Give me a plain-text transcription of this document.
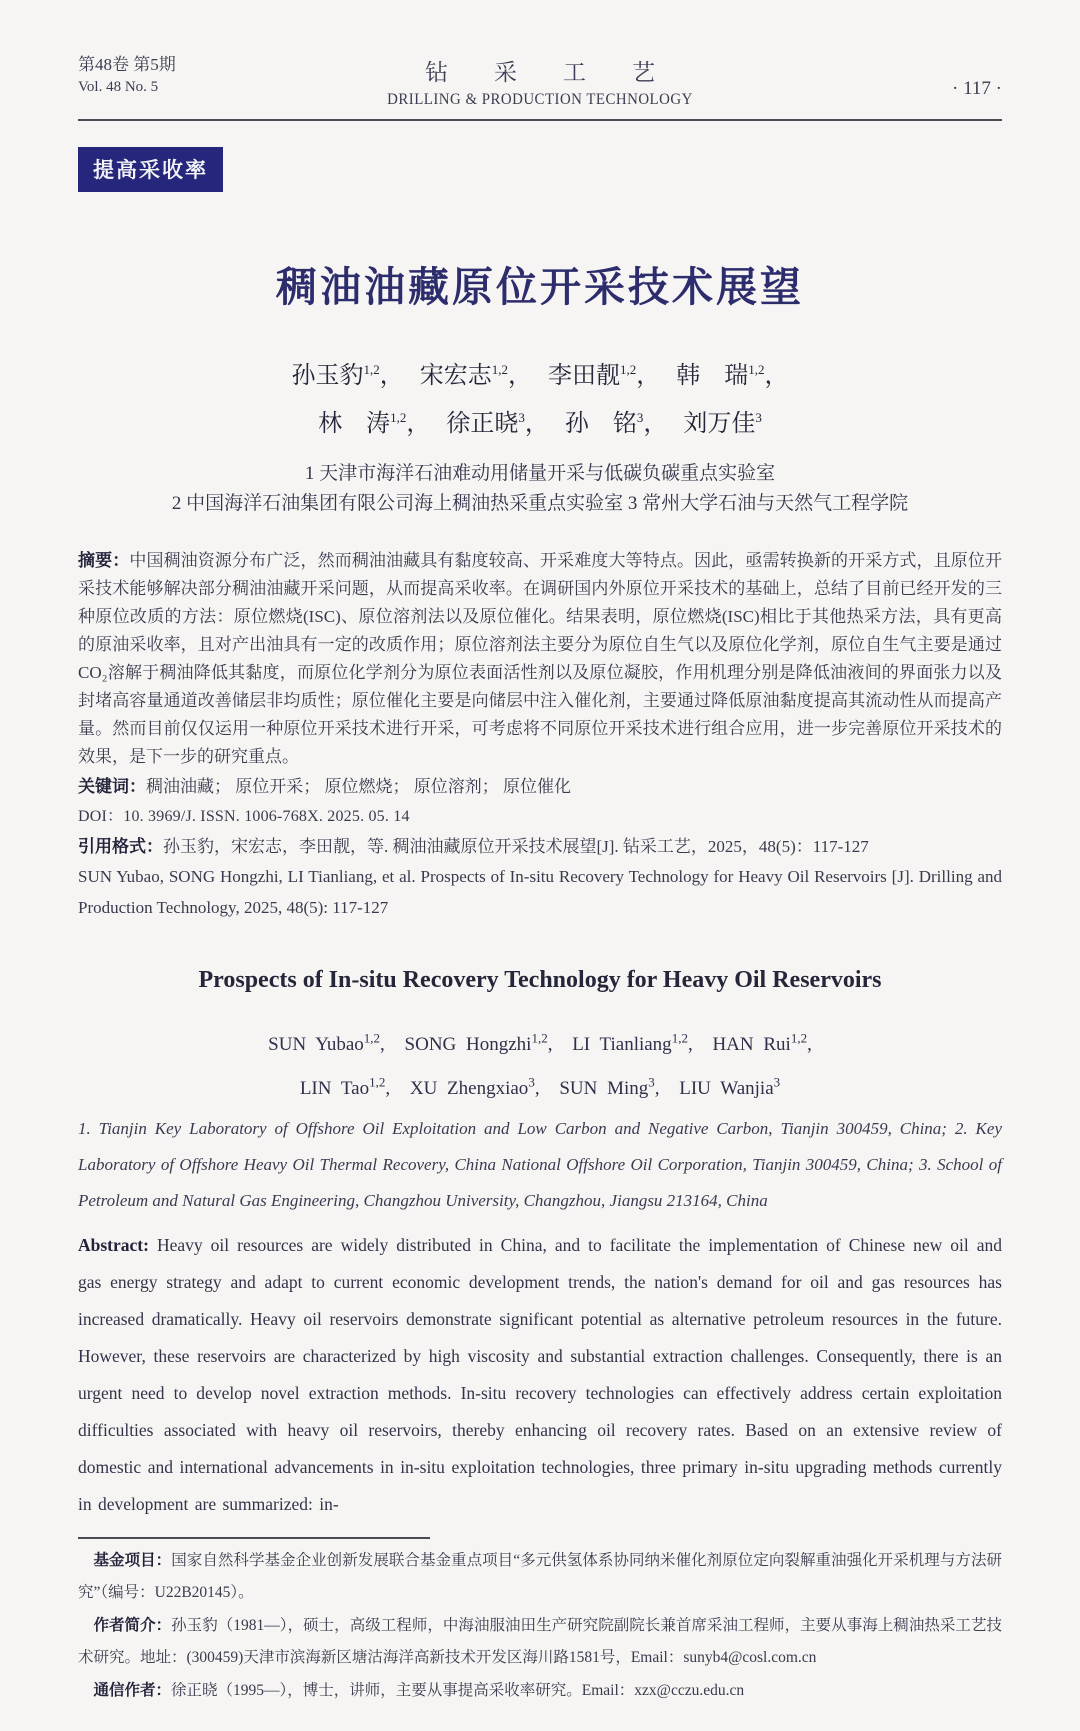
第48卷 第5期
Vol. 48 No. 5
钻采工艺
DRILLING & PRODUCTION TECHNOLOGY
· 117 ·
提高采收率
稠油油藏原位开采技术展望
孙玉豹$^{1,2}$， 宋宏志$^{1,2}$， 李田靓$^{1,2}$， 韩　瑞$^{1,2}$，
林　涛$^{1,2}$， 徐正晓$^3$， 孙　铭$^3$， 刘万佳$^3$
1 天津市海洋石油难动用储量开采与低碳负碳重点实验室
2 中国海洋石油集团有限公司海上稠油热采重点实验室 3 常州大学石油与天然气工程学院

摘要：中国稠油资源分布广泛，然而稠油油藏具有黏度较高、开采难度大等特点。因此，亟需转换新的开采方式，且原位开采技术能够解决部分稠油油藏开采问题，从而提高采收率。在调研国内外原位开采技术的基础上，总结了目前已经开发的三种原位改质的方法：原位燃烧(ISC)、原位溶剂法以及原位催化。结果表明，原位燃烧(ISC)相比于其他热采方法，具有更高的原油采收率，且对产出油具有一定的改质作用；原位溶剂法主要分为原位自生气以及原位化学剂，原位自生气主要是通过CO₂溶解于稠油降低其黏度，而原位化学剂分为原位表面活性剂以及原位凝胶，作用机理分别是降低油液间的界面张力以及封堵高容量通道改善储层非均质性；原位催化主要是向储层中注入催化剂，主要通过降低原油黏度提高其流动性从而提高产量。然而目前仅仅运用一种原位开采技术进行开采，可考虑将不同原位开采技术进行组合应用，进一步完善原位开采技术的效果，是下一步的研究重点。

关键词：稠油油藏； 原位开采； 原位燃烧； 原位溶剂； 原位催化

DOI：10. 3969/J. ISSN. 1006-768X. 2025. 05. 14

引用格式：孙玉豹，宋宏志，李田靓，等. 稠油油藏原位开采技术展望[J]. 钻采工艺，2025，48(5)：117-127

SUN Yubao, SONG Hongzhi, LI Tianliang, et al. Prospects of In-situ Recovery Technology for Heavy Oil Reservoirs [J]. Drilling and Production Technology, 2025, 48(5): 117-127

Prospects of In-situ Recovery Technology for Heavy Oil Reservoirs
SUN Yubao$^{1,2}$, SONG Hongzhi$^{1,2}$, LI Tianliang$^{1,2}$, HAN Rui$^{1,2}$,
LIN Tao$^{1,2}$, XU Zhengxiao$^3$, SUN Ming$^3$, LIU Wanjia$^3$

1. Tianjin Key Laboratory of Offshore Oil Exploitation and Low Carbon and Negative Carbon, Tianjin 300459, China; 2. Key Laboratory of Offshore Heavy Oil Thermal Recovery, China National Offshore Oil Corporation, Tianjin 300459, China; 3. School of Petroleum and Natural Gas Engineering, Changzhou University, Changzhou, Jiangsu 213164, China

Abstract: Heavy oil resources are widely distributed in China, and to facilitate the implementation of Chinese new oil and gas energy strategy and adapt to current economic development trends, the nation's demand for oil and gas resources has increased dramatically. Heavy oil reservoirs demonstrate significant potential as alternative petroleum resources in the future. However, these reservoirs are characterized by high viscosity and substantial extraction challenges. Consequently, there is an urgent need to develop novel extraction methods. In-situ recovery technologies can effectively address certain exploitation difficulties associated with heavy oil reservoirs, thereby enhancing oil recovery rates. Based on an extensive review of domestic and international advancements in in-situ exploitation technologies, three primary in-situ upgrading methods currently in development are summarized: in-

基金项目：国家自然科学基金企业创新发展联合基金重点项目“多元供氢体系协同纳米催化剂原位定向裂解重油强化开采机理与方法研究”（编号：U22B20145）。

作者简介：孙玉豹（1981—），硕士，高级工程师，中海油服油田生产研究院副院长兼首席采油工程师，主要从事海上稠油热采工艺技术研究。地址：(300459)天津市滨海新区塘沽海洋高新技术开发区海川路1581号，Email：sunyb4@cosl.com.cn

通信作者：徐正晓（1995—），博士，讲师，主要从事提高采收率研究。Email：xzx@cczu.edu.cn
